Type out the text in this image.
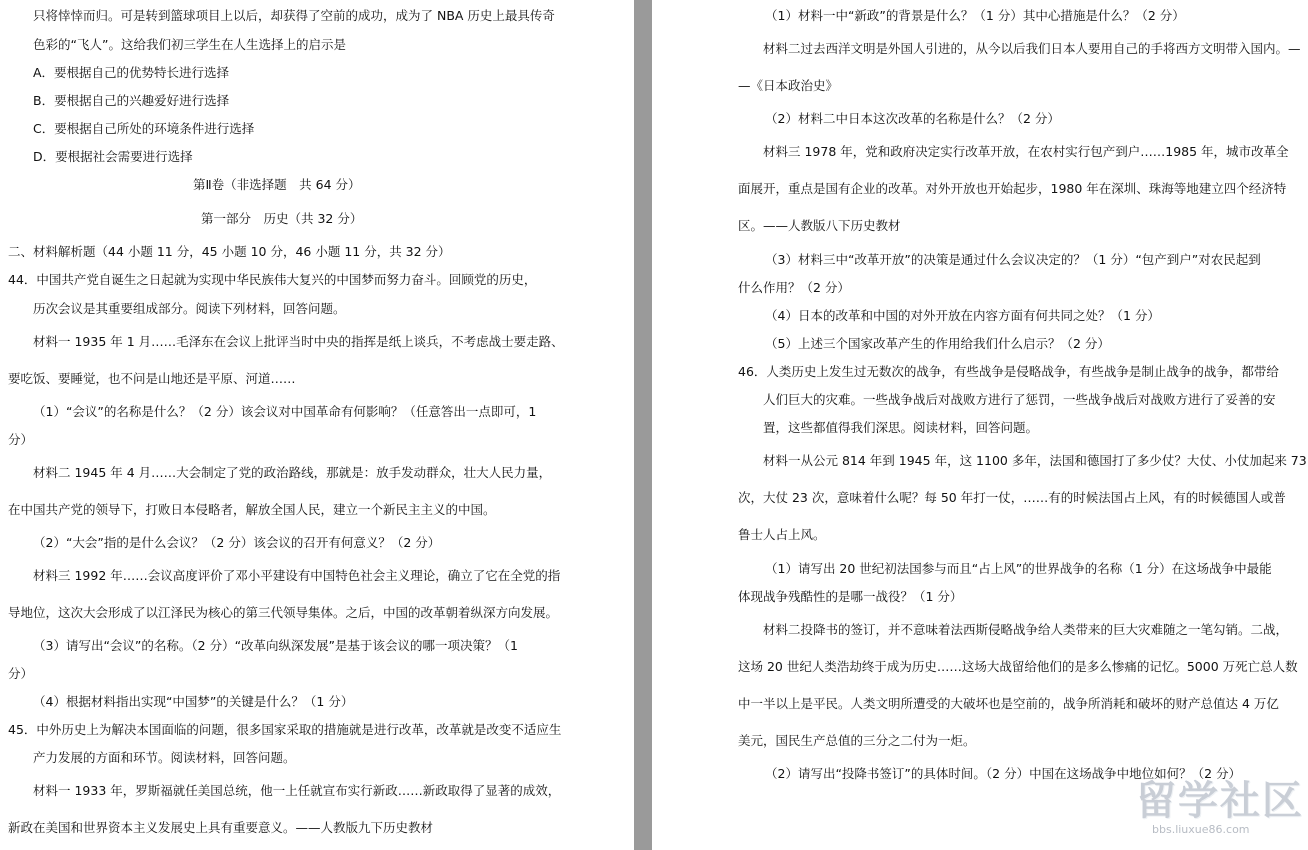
只将悻悻而归。可是转到篮球项目上以后，却获得了空前的成功，成为了 NBA 历史上最具传奇
色彩的“飞人”。这给我们初三学生在人生选择上的启示是
A．要根据自己的优势特长进行选择
B．要根据自己的兴趣爱好进行选择
C．要根据自己所处的环境条件进行选择
D．要根据社会需要进行选择
第Ⅱ卷（非选择题　共 64 分）
第一部分　历史（共 32 分）
二、材料解析题（44 小题 11 分，45 小题 10 分，46 小题 11 分，共 32 分）
44．中国共产党自诞生之日起就为实现中华民族伟大复兴的中国梦而努力奋斗。回顾党的历史，
历次会议是其重要组成部分。阅读下列材料，回答问题。
材料一 1935 年 1 月……毛泽东在会议上批评当时中央的指挥是纸上谈兵，不考虑战士要走路、
要吃饭、要睡觉，也不问是山地还是平原、河道……
（1）“会议”的名称是什么？（2 分）该会议对中国革命有何影响？（任意答出一点即可，1
分）
材料二 1945 年 4 月……大会制定了党的政治路线，那就是：放手发动群众，壮大人民力量，
在中国共产党的领导下，打败日本侵略者，解放全国人民，建立一个新民主主义的中国。
（2）“大会”指的是什么会议？（2 分）该会议的召开有何意义？（2 分）
材料三 1992 年……会议高度评价了邓小平建设有中国特色社会主义理论，确立了它在全党的指
导地位，这次大会形成了以江泽民为核心的第三代领导集体。之后，中国的改革朝着纵深方向发展。
（3）请写出“会议”的名称。（2 分）“改革向纵深发展”是基于该会议的哪一项决策？（1
分）
（4）根据材料指出实现“中国梦”的关键是什么？（1 分）
45．中外历史上为解决本国面临的问题，很多国家采取的措施就是进行改革，改革就是改变不适应生
产力发展的方面和环节。阅读材料，回答问题。
材料一 1933 年，罗斯福就任美国总统，他一上任就宣布实行新政……新政取得了显著的成效，
新政在美国和世界资本主义发展史上具有重要意义。——人教版九下历史教材
（1）材料一中“新政”的背景是什么？（1 分）其中心措施是什么？（2 分）
材料二过去西洋文明是外国人引进的，从今以后我们日本人要用自己的手将西方文明带入国内。—
—《日本政治史》
（2）材料二中日本这次改革的名称是什么？（2 分）
材料三 1978 年，党和政府决定实行改革开放，在农村实行包产到户……1985 年，城市改革全
面展开，重点是国有企业的改革。对外开放也开始起步，1980 年在深圳、珠海等地建立四个经济特
区。——人教版八下历史教材
（3）材料三中“改革开放”的决策是通过什么会议决定的？（1 分）“包产到户”对农民起到
什么作用？（2 分）
（4）日本的改革和中国的对外开放在内容方面有何共同之处？（1 分）
（5）上述三个国家改革产生的作用给我们什么启示？（2 分）
46．人类历史上发生过无数次的战争，有些战争是侵略战争，有些战争是制止战争的战争，都带给
人们巨大的灾难。一些战争战后对战败方进行了惩罚，一些战争战后对战败方进行了妥善的安
置，这些都值得我们深思。阅读材料，回答问题。
材料一从公元 814 年到 1945 年，这 1100 多年，法国和德国打了多少仗？大仗、小仗加起来 73
次，大仗 23 次，意味着什么呢？每 50 年打一仗，……有的时候法国占上风，有的时候德国人或普
鲁士人占上风。
（1）请写出 20 世纪初法国参与而且“占上风”的世界战争的名称（1 分）在这场战争中最能
体现战争残酷性的是哪一战役？（1 分）
材料二投降书的签订，并不意味着法西斯侵略战争给人类带来的巨大灾难随之一笔勾销。二战，
这场 20 世纪人类浩劫终于成为历史……这场大战留给他们的是多么惨痛的记忆。5000 万死亡总人数
中一半以上是平民。人类文明所遭受的大破坏也是空前的，战争所消耗和破坏的财产总值达 4 万亿
美元，国民生产总值的三分之二付为一炬。
（2）请写出“投降书签订”的具体时间。（2 分）中国在这场战争中地位如何？（2 分）
留学社区
bbs.liuxue86.com
